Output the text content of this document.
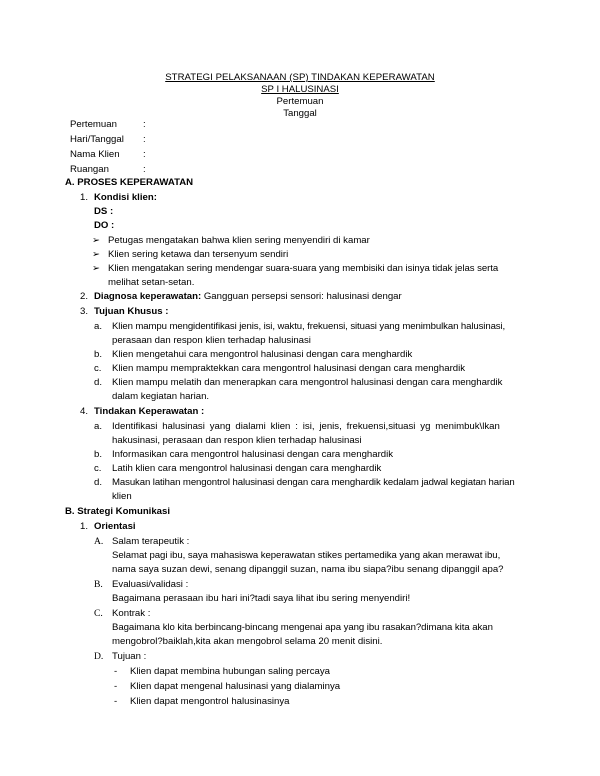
STRATEGI PELAKSANAAN (SP) TINDAKAN KEPERAWATAN
SP I HALUSINASI
Pertemuan
Tanggal
Pertemuan	:
Hari/Tanggal :
Nama Klien :
Ruangan	:
A. PROSES KEPERAWATAN
1. Kondisi klien:
DS :
DO :
➢ Petugas mengatakan bahwa klien sering menyendiri di kamar
➢ Klien sering ketawa dan tersenyum sendiri
➢ Klien mengatakan sering mendengar suara-suara yang membisiki dan isinya tidak jelas serta
melihat setan-setan.
2. Diagnosa keperawatan: Gangguan persepsi sensori: halusinasi dengar
3. Tujuan Khusus :
a. Klien mampu mengidentifikasi jenis, isi, waktu, frekuensi, situasi yang menimbulkan halusinasi,
perasaan dan respon klien terhadap halusinasi
b. Klien mengetahui cara mengontrol halusinasi dengan cara menghardik
c. Klien mampu mempraktekkan cara mengontrol halusinasi dengan cara menghardik
d. Klien mampu melatih dan menerapkan cara mengontrol halusinasi dengan cara menghardik
dalam kegiatan harian.
4. Tindakan Keperawatan :
a. Identifikasi halusinasi yang dialami klien : isi, jenis, frekuensi,situasi yg menimbuk\lkan
hakusinasi, perasaan dan respon klien terhadap halusinasi
b. Informasikan cara mengontrol halusinasi dengan cara menghardik
c. Latih klien cara mengontrol halusinasi dengan cara menghardik
d. Masukan latihan mengontrol halusinasi dengan cara menghardik kedalam jadwal kegiatan harian
klien
B. Strategi Komunikasi
1. Orientasi
A. Salam terapeutik :
Selamat pagi ibu, saya mahasiswa keperawatan stikes pertamedika yang akan merawat ibu,
nama saya suzan dewi, senang dipanggil suzan, nama ibu siapa?ibu senang dipanggil apa?
B. Evaluasi/validasi :
Bagaimana perasaan ibu hari ini?tadi saya lihat ibu sering menyendiri!
C. Kontrak :
Bagaimana klo kita berbincang-bincang mengenai apa yang ibu rasakan?dimana kita akan
mengobrol?baiklah,kita akan mengobrol selama 20 menit disini.
D. Tujuan :
- Klien dapat membina hubungan saling percaya
- Klien dapat mengenal halusinasi yang dialaminya
- Klien dapat mengontrol halusinasinya
